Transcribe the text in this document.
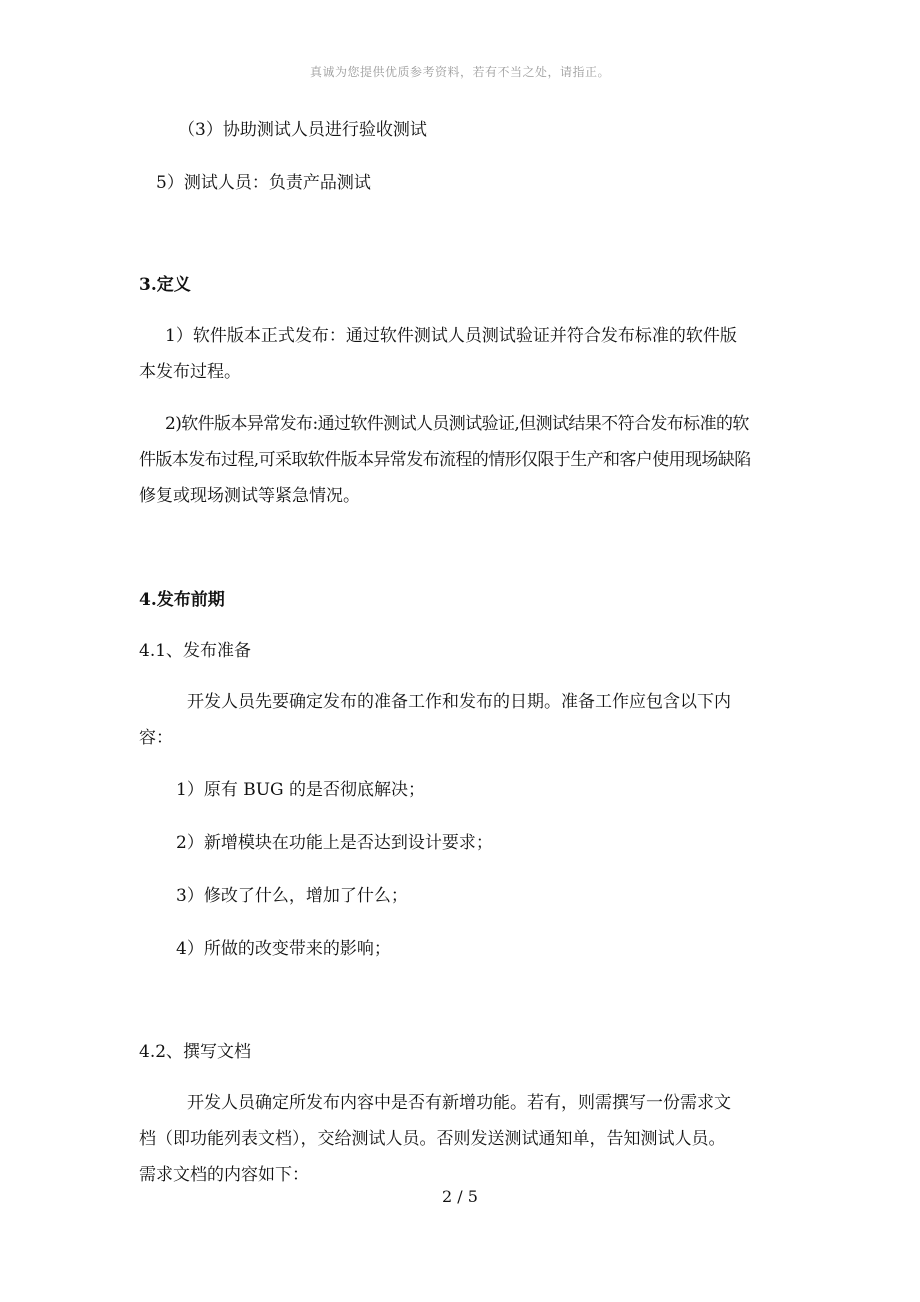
真诚为您提供优质参考资料，若有不当之处，请指正。
（3）协助测试人员进行验收测试
5）测试人员：负责产品测试
3.定义
1）软件版本正式发布：通过软件测试人员测试验证并符合发布标准的软件版
本发布过程。
2)软件版本异常发布:通过软件测试人员测试验证,但测试结果不符合发布标准的软
件版本发布过程,可采取软件版本异常发布流程的情形仅限于生产和客户使用现场缺陷
修复或现场测试等紧急情况。
4.发布前期
4.1、发布准备
开发人员先要确定发布的准备工作和发布的日期。准备工作应包含以下内
容：
1）原有 BUG 的是否彻底解决；
2）新增模块在功能上是否达到设计要求；
3）修改了什么，增加了什么；
4）所做的改变带来的影响；
4.2、撰写文档
开发人员确定所发布内容中是否有新增功能。若有，则需撰写一份需求文
档（即功能列表文档），交给测试人员。否则发送测试通知单，告知测试人员。
需求文档的内容如下：
2 / 5
